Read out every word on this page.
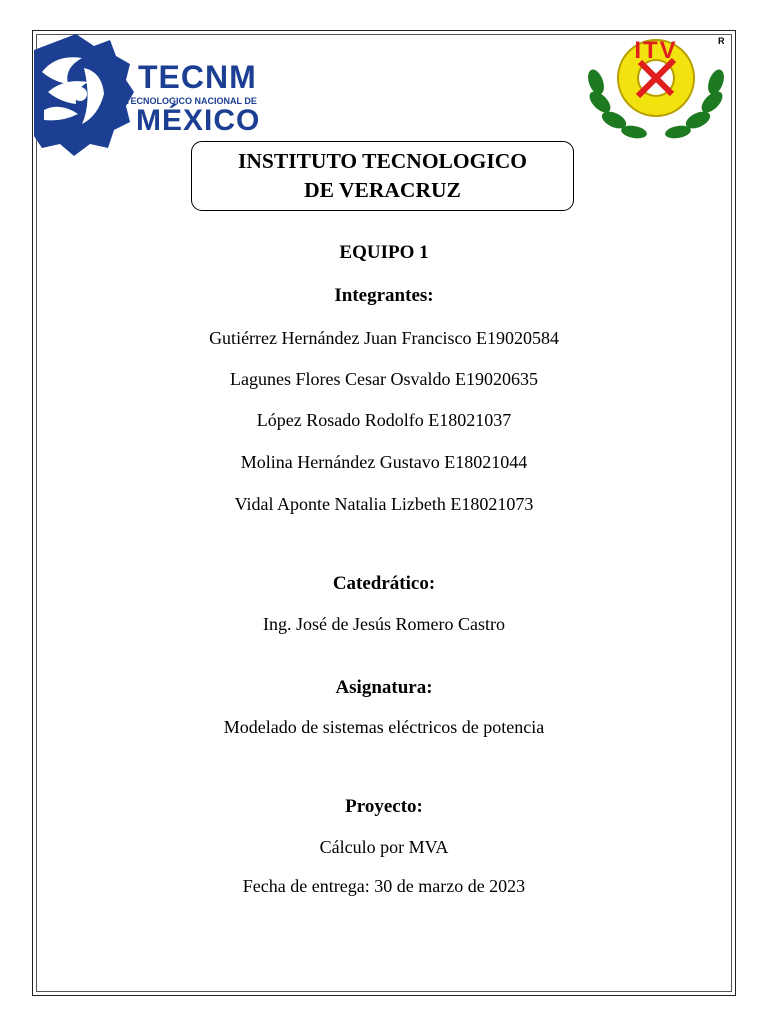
TECNM
TECNOLOGICO NACIONAL DE
MÉXICO
ITV	R
INSTITUTO TECNOLOGICO
DE VERACRUZ
EQUIPO 1
Integrantes:
Gutiérrez Hernández Juan Francisco E19020584
Lagunes Flores Cesar Osvaldo E19020635
López Rosado Rodolfo E18021037
Molina Hernández Gustavo E18021044
Vidal Aponte Natalia Lizbeth E18021073
Catedrático:
Ing. José de Jesús Romero Castro
Asignatura:
Modelado de sistemas eléctricos de potencia
Proyecto:
Cálculo por MVA
Fecha de entrega: 30 de marzo de 2023
